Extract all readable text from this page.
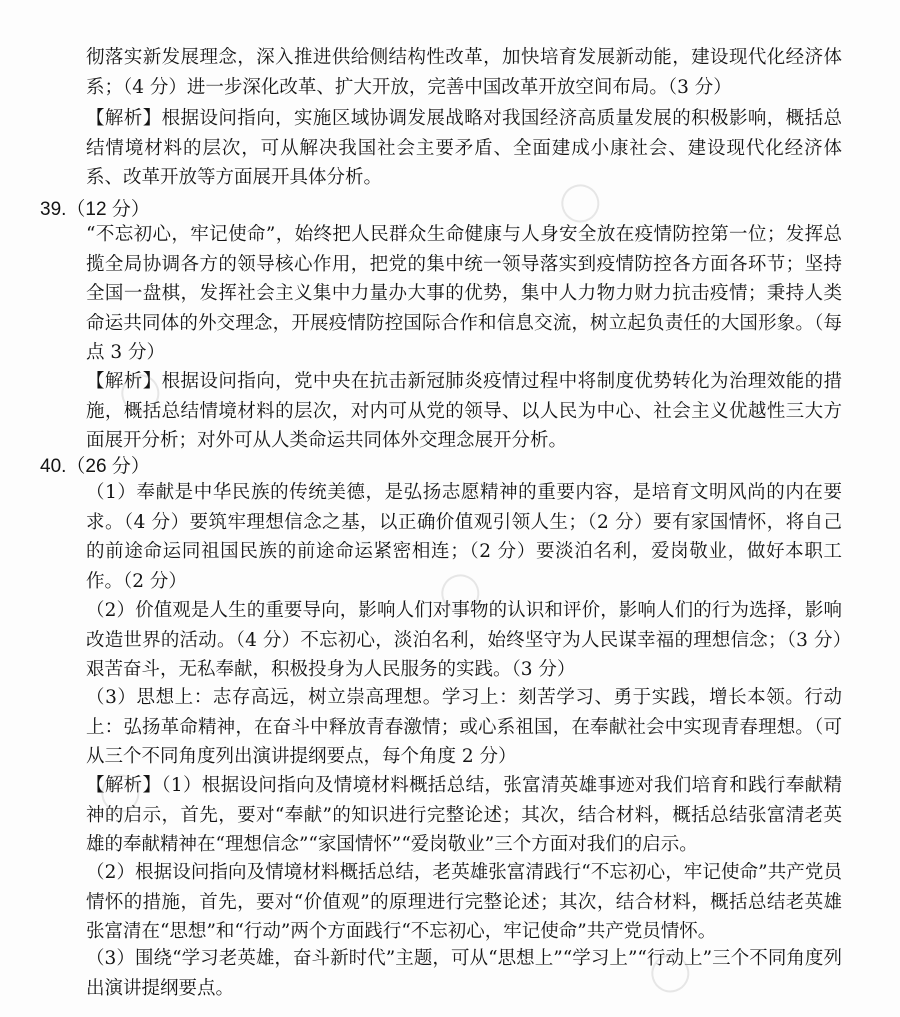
彻落实新发展理念，深入推进供给侧结构性改革，加快培育发展新动能，建设现代化经济体系；（4 分）进一步深化改革、扩大开放，完善中国改革开放空间布局。（3 分）

【解析】根据设问指向，实施区域协调发展战略对我国经济高质量发展的积极影响，概括总结情境材料的层次，可从解决我国社会主要矛盾、全面建成小康社会、建设现代化经济体系、改革开放等方面展开具体分析。

39.（12 分）

“不忘初心，牢记使命”，始终把人民群众生命健康与人身安全放在疫情防控第一位；发挥总揽全局协调各方的领导核心作用，把党的集中统一领导落实到疫情防控各方面各环节；坚持全国一盘棋，发挥社会主义集中力量办大事的优势，集中人力物力财力抗击疫情；秉持人类命运共同体的外交理念，开展疫情防控国际合作和信息交流，树立起负责任的大国形象。（每点 3 分）

【解析】根据设问指向，党中央在抗击新冠肺炎疫情过程中将制度优势转化为治理效能的措施，概括总结情境材料的层次，对内可从党的领导、以人民为中心、社会主义优越性三大方面展开分析；对外可从人类命运共同体外交理念展开分析。

40.（26 分）

（1）奉献是中华民族的传统美德，是弘扬志愿精神的重要内容，是培育文明风尚的内在要求。（4 分）要筑牢理想信念之基，以正确价值观引领人生；（2 分）要有家国情怀，将自己的前途命运同祖国民族的前途命运紧密相连；（2 分）要淡泊名利，爱岗敬业，做好本职工作。（2 分）

（2）价值观是人生的重要导向，影响人们对事物的认识和评价，影响人们的行为选择，影响改造世界的活动。（4 分）不忘初心，淡泊名利，始终坚守为人民谋幸福的理想信念；（3 分）艰苦奋斗，无私奉献，积极投身为人民服务的实践。（3 分）

（3）思想上：志存高远，树立崇高理想。学习上：刻苦学习、勇于实践，增长本领。行动上：弘扬革命精神，在奋斗中释放青春激情；或心系祖国，在奉献社会中实现青春理想。（可从三个不同角度列出演讲提纲要点，每个角度 2 分）

【解析】（1）根据设问指向及情境材料概括总结，张富清英雄事迹对我们培育和践行奉献精神的启示，首先，要对“奉献”的知识进行完整论述；其次，结合材料，概括总结张富清老英雄的奉献精神在“理想信念”“家国情怀”“爱岗敬业”三个方面对我们的启示。

（2）根据设问指向及情境材料概括总结，老英雄张富清践行“不忘初心，牢记使命”共产党员情怀的措施，首先，要对“价值观”的原理进行完整论述；其次，结合材料，概括总结老英雄张富清在“思想”和“行动”两个方面践行“不忘初心，牢记使命”共产党员情怀。

（3）围绕“学习老英雄，奋斗新时代”主题，可从“思想上”“学习上”“行动上”三个不同角度列出演讲提纲要点。
